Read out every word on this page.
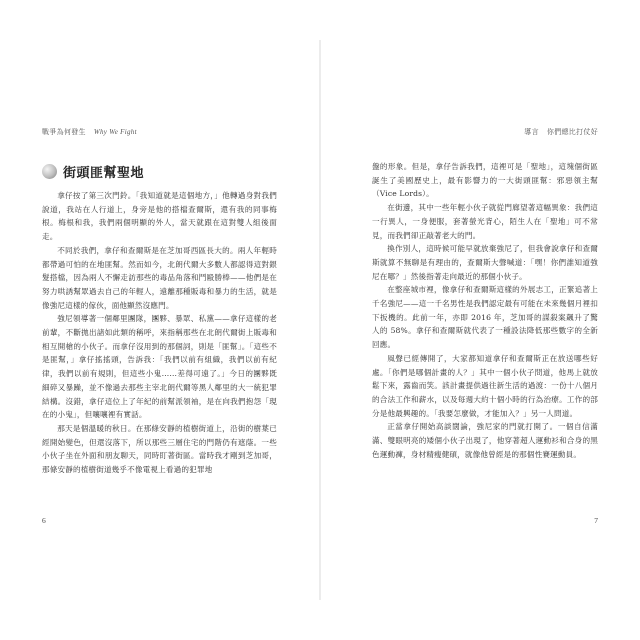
戰爭為何發生 Why We Fight
街頭匪幫聖地

拿仔按了第三次門鈴。「我知道就是這個地方，」他轉過身對我們說道，我站在人行道上，身旁是他的搭檔查爾斯，還有我的同事梅根。梅根和我，我們兩個明顯的外人，當天就跟在這對雙人組後面走。

不同於我們，拿仔和查爾斯是在芝加哥西區長大的。兩人年輕時都帶過可怕的在地匪幫。然而如今，北朗代爾大多數人都認得這對銀髮搭檔，因為兩人不懈走訪那些的毒品角落和鬥毆勝棒——他們是在努力哄誘幫眾過去自己的年輕人，遠離那種販毒和暴力的生活，就是像強尼這樣的傢伙，面他顯然沒應門。

強尼領導著一個鄰里團隊，團夥、暴眾、私黨——拿仔這樣的老前輩，不斷拋出諸如此類的稱呼，來指稱那些在北朗代爾街上販毒和相互開槍的小伙子。而拿仔沒用到的那個詞，則是「匪幫」。「這些不是匪幫，」拿仔搖搖頭，告訴我：「我們以前有組織，我們以前有紀律，我們以前有規則，但這些小鬼……差得可遠了。」今日的團夥既細碎又暴躁，並不像過去那些主宰北朗代爾等黑人鄰里的大一統犯罪結構。沒錯，拿仔這位上了年紀的前幫派領袖，是在向我們抱怨「現在的小鬼」，但嚷嚷裡有實話。

那天是個溫暖的秋日。在那條安靜的植樹街道上，沿街的樹葉已經開始變色，但還沒落下，所以那些三層住宅的門階仍有遮蔭。一些小伙子坐在外面和朋友聊天，同時盯著街區。當時我才剛到芝加哥，那條安靜的植樹街道幾乎不像電視上看過的犯罪地

6
導言 你們總比打仗好

盤的形象。但是，拿仔告訴我們，這裡可是「聖地」，這塊個街區誕生了美國歷史上，最有影響力的一大街頭匪幫：邪惡領主幫（Vice Lords）。

在街邊，其中一些年輕小伙子就從門廊望著這幅異象：我們這一行異人，一身便服，套著螢光背心，陌生人在「聖地」可不常見，而我們卻正敲著老大的門。

換作別人，這時候可能早就放棄強尼了，但我會說拿仔和查爾斯就算不無聊是有理由的，查爾斯大聲喊道：「嘿！你們誰知道強尼在哪？」然後指著走向最近的那個小伙子。

在整座城市裡，像拿仔和查爾斯這樣的外展志工，正緊追著上千名強尼——這一千名男性是我們認定最有可能在未來幾個月裡扣下扳機的。此前一年，亦即 2016 年，芝加哥的謀殺案飆升了驚人的 58%。拿仔和查爾斯就代表了一種設法降低那些數字的全新回應。

風聲已經傳開了，大家都知道拿仔和查爾斯正在放送哪些好處。「你們是哪個計畫的人？」其中一個小伙子問道，他馬上就放鬆下來，露齒而笑。該計畫提供過往新生活的過渡：一份十八個月的合法工作和薪水，以及每週大約十個小時的行為治療。工作的部分是他最興趣的。「我要怎麼做，才能加入？」另一人問道。

正當拿仔開始高談闊論，強尼家的門就打開了。一個自信滿滿、雙眼明亮的矮個小伙子出現了，他穿著超人運動衫和合身的黑色運動褲，身材精瘦健碩，就像他曾經是的那個性賽運動員。

7
